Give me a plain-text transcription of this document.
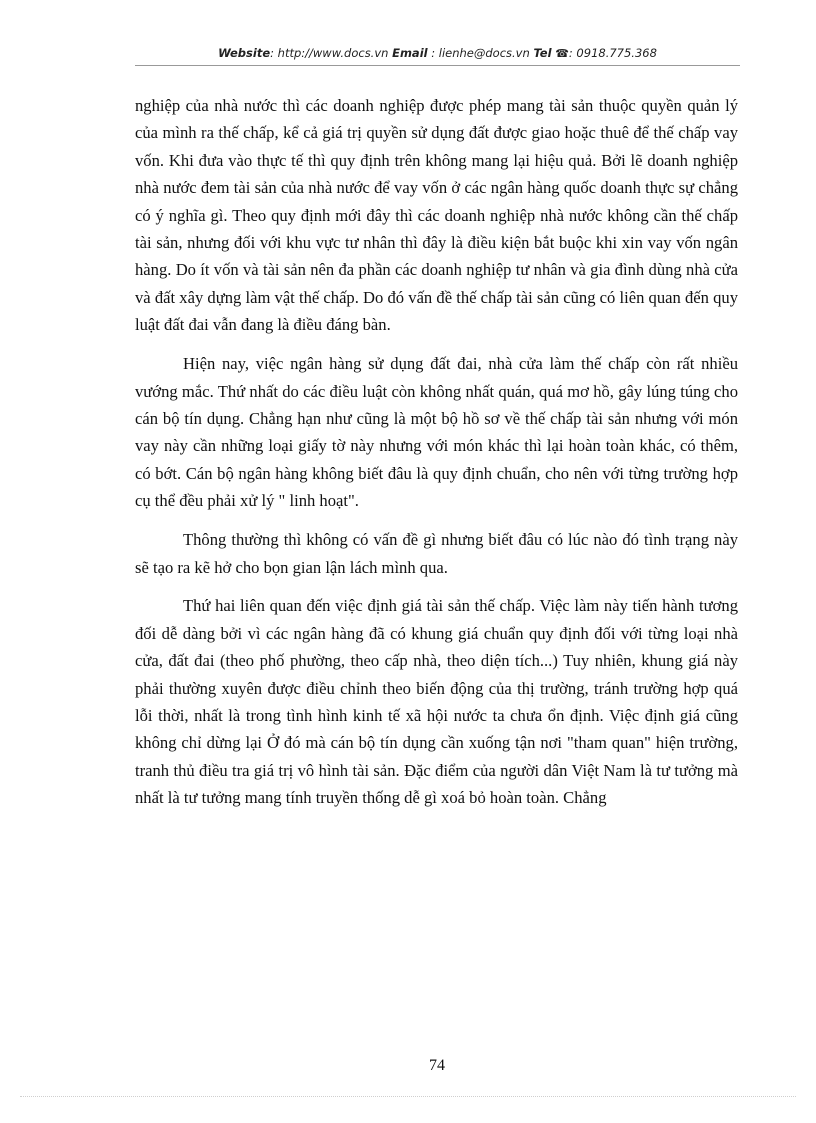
Website: http://www.docs.vn Email : lienhe@docs.vn Tel ☎: 0918.775.368

nghiệp của nhà nước thì các doanh nghiệp được phép mang tài sản thuộc quyền quản lý của mình ra thế chấp, kể cả giá trị quyền sử dụng đất được giao hoặc thuê để thế chấp vay vốn. Khi đưa vào thực tế thì quy định trên không mang lại hiệu quả. Bởi lẽ doanh nghiệp nhà nước đem tài sản của nhà nước để vay vốn ở các ngân hàng quốc doanh thực sự chẳng có ý nghĩa gì. Theo quy định mới đây thì các doanh nghiệp nhà nước không cần thế chấp tài sản, nhưng đối với khu vực tư nhân thì đây là điều kiện bắt buộc khi xin vay vốn ngân hàng. Do ít vốn và tài sản nên đa phần các doanh nghiệp tư nhân và gia đình dùng nhà cửa và đất xây dựng làm vật thế chấp. Do đó vấn đề thế chấp tài sản cũng có liên quan đến quy luật đất đai vẫn đang là điều đáng bàn.

Hiện nay, việc ngân hàng sử dụng đất đai, nhà cửa làm thế chấp còn rất nhiều vướng mắc. Thứ nhất do các điều luật còn không nhất quán, quá mơ hồ, gây lúng túng cho cán bộ tín dụng. Chẳng hạn như cũng là một bộ hồ sơ về thế chấp tài sản nhưng với món vay này cần những loại giấy tờ này nhưng với món khác thì lại hoàn toàn khác, có thêm, có bớt. Cán bộ ngân hàng không biết đâu là quy định chuẩn, cho nên với từng trường hợp cụ thể đều phải xử lý " linh hoạt".

Thông thường thì không có vấn đề gì nhưng biết đâu có lúc nào đó tình trạng này sẽ tạo ra kẽ hở cho bọn gian lận lách mình qua.

Thứ hai liên quan đến việc định giá tài sản thế chấp. Việc làm này tiến hành tương đối dễ dàng bởi vì các ngân hàng đã có khung giá chuẩn quy định đối với từng loại nhà cửa, đất đai (theo phố phường, theo cấp nhà, theo diện tích...) Tuy nhiên, khung giá này phải thường xuyên được điều chỉnh theo biến động của thị trường, tránh trường hợp quá lỗi thời, nhất là trong tình hình kinh tế xã hội nước ta chưa ổn định. Việc định giá cũng không chỉ dừng lại Ở đó mà cán bộ tín dụng cần xuống tận nơi "tham quan" hiện trường, tranh thủ điều tra giá trị vô hình tài sản. Đặc điểm của người dân Việt Nam là tư tưởng mà nhất là tư tưởng mang tính truyền thống dễ gì xoá bỏ hoàn toàn. Chẳng

74
